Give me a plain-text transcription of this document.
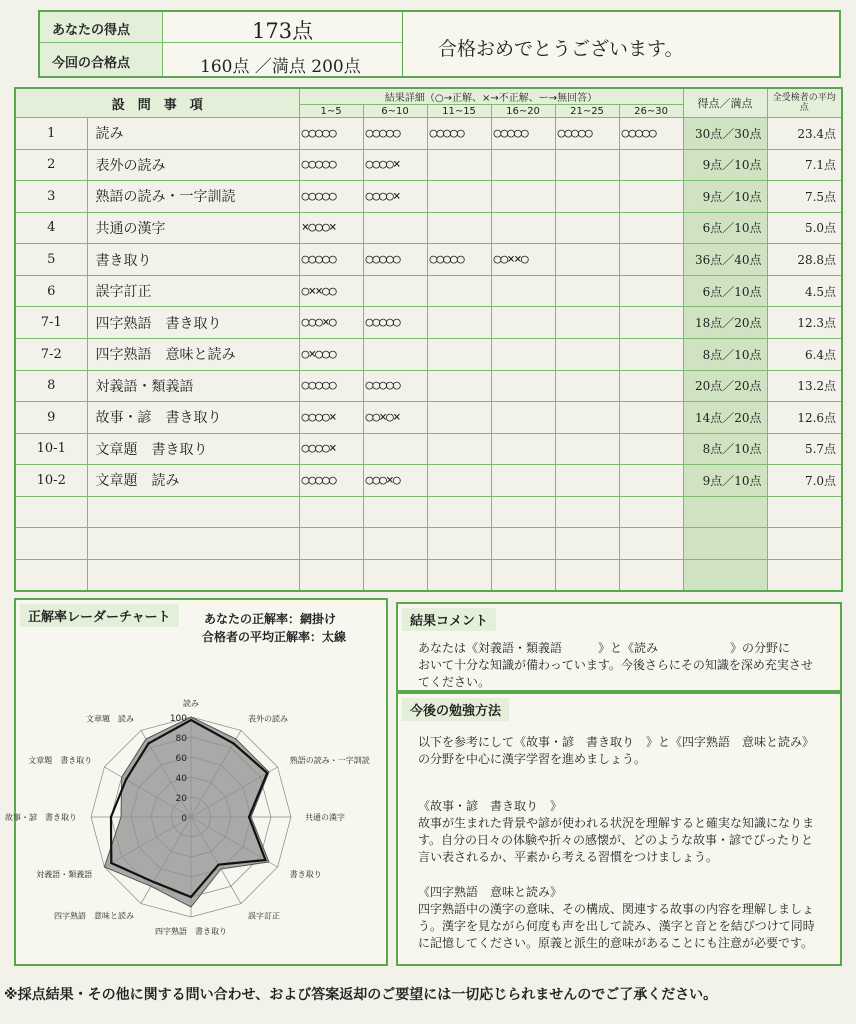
あなたの得点	173点
今回の合格点	160点 ／満点 200点
合格おめでとうございます。
設　問　事　項		結果詳細（○→正解、×→不正解、ー→無回答）						得点／満点	全受検者の平均点
		1~5	6~10	11~15	16~20	21~25	26~30		
1	読み	○○○○○	○○○○○	○○○○○	○○○○○	○○○○○	○○○○○	30点／30点	23.4点
2	表外の読み	○○○○○	○○○○×					9点／10点	7.1点
3	熟語の読み・一字訓読	○○○○○	○○○○×					9点／10点	7.5点
4	共通の漢字	×○○○×						6点／10点	5.0点
5	書き取り	○○○○○	○○○○○	○○○○○	○○××○			36点／40点	28.8点
6	誤字訂正	○××○○						6点／10点	4.5点
7-1	四字熟語　書き取り	○○○×○	○○○○○					18点／20点	12.3点
7-2	四字熟語　意味と読み	○×○○○						8点／10点	6.4点
8	対義語・類義語	○○○○○	○○○○○					20点／20点	13.2点
9	故事・諺　書き取り	○○○○×	○○×○×					14点／20点	12.6点
10-1	文章題　書き取り	○○○○×						8点／10点	5.7点
10-2	文章題　読み	○○○○○	○○○×○					9点／10点	7.0点

正解率レーダーチャート	あなたの正解率：網掛け
合格者の平均正解率：太線
100
80
60
40
20
0
読み
表外の読み
熟語の読み・一字訓読
共通の漢字
書き取り
誤字訂正
四字熟語　書き取り
四字熟語　意味と読み
対義語・類義語
故事・諺　書き取り
文章題　書き取り
文章題　読み
結果コメント
あなたは《対義語・類義語　　　》と《読み　　　　　　》の分野に
おいて十分な知識が備わっています。今後さらにその知識を深め充実させ
てください。
今後の勉強方法
以下を参考にして《故事・諺　書き取り　》と《四字熟語　意味と読み》
の分野を中心に漢字学習を進めましょう。
《故事・諺　書き取り　》
故事が生まれた背景や諺が使われる状況を理解すると確実な知識になりま
す。自分の日々の体験や折々の感懐が、どのような故事・諺でぴったりと
言い表されるか、平素から考える習慣をつけましょう。
《四字熟語　意味と読み》
四字熟語中の漢字の意味、その構成、関連する故事の内容を理解しましょ
う。漢字を見ながら何度も声を出して読み、漢字と音とを結びつけて同時
に記憶してください。原義と派生的意味があることにも注意が必要です。
※採点結果・その他に関する問い合わせ、および答案返却のご要望には一切応じられませんのでご了承ください。
